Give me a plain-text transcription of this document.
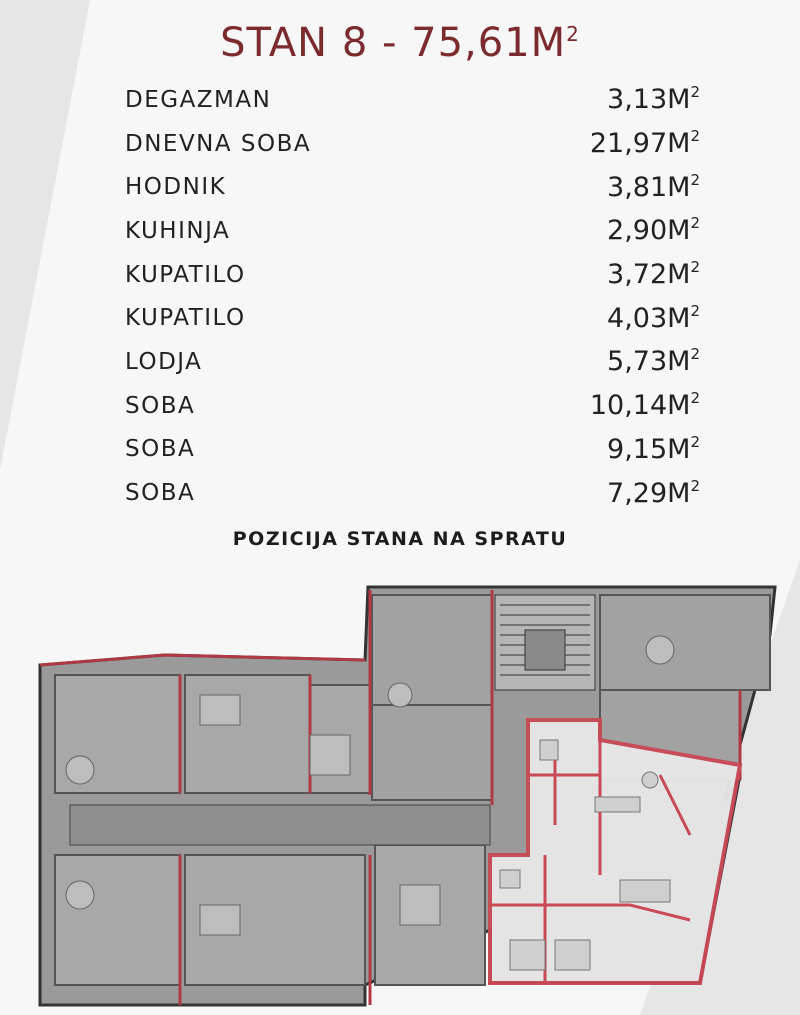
STAN $8 - 75,61M^2$
DEGAZMAN	$3,13M^2$
DNEVNA SOBA	$21,97M^2$
HODNIK	$3,81M^2$
KUHINJA	$2,90M^2$
KUPATILO	$3,72M^2$
KUPATILO	$4,03M^2$
LODJA	$5,73M^2$
SOBA	$10,14M^2$
SOBA	$9,15M^2$
SOBA	$7,29M^2$
POZICIJA STANA NA SPRATU
